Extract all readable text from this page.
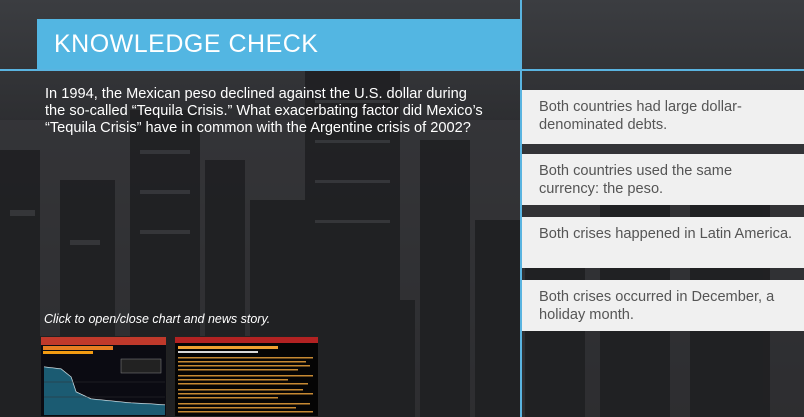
KNOWLEDGE CHECK
In 1994, the Mexican peso declined against the U.S. dollar during the so-called “Tequila Crisis.” What exacerbating factor did Mexico’s “Tequila Crisis” have in common with the Argentine crisis of 2002?
Both countries had large dollar-denominated debts.
Both countries used the same currency: the peso.
Both crises happened in Latin America.
Both crises occurred in December, a holiday month.
Click to open/close chart and news story.
